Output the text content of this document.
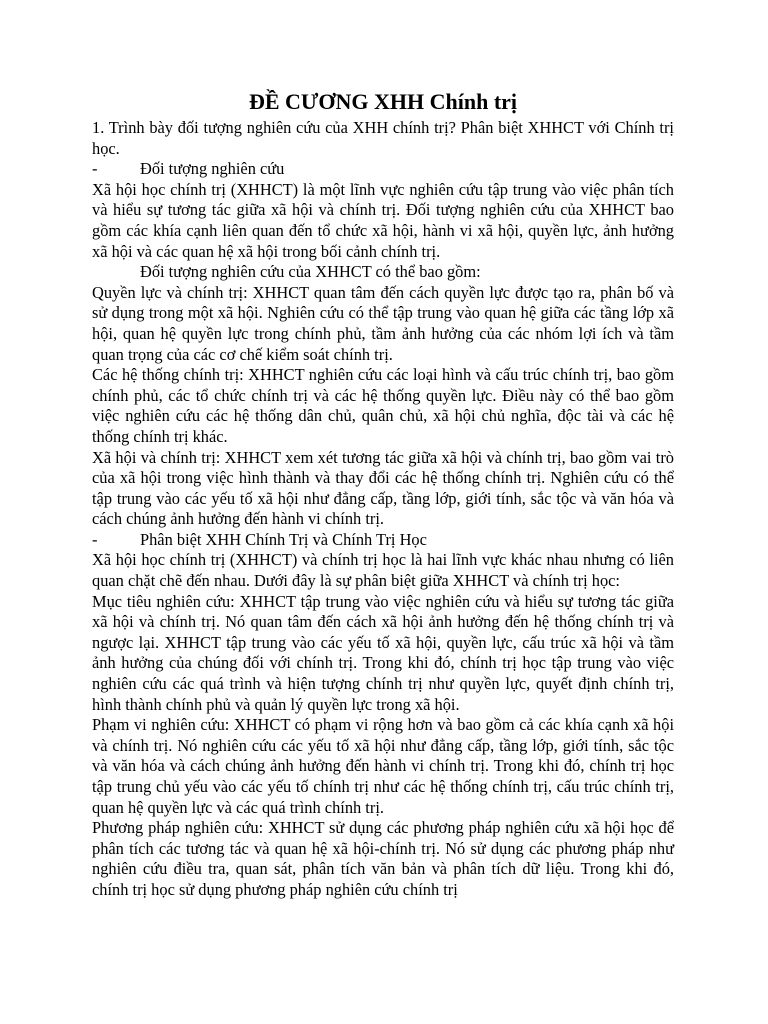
ĐỀ CƯƠNG XHH Chính trị

1. Trình bày đối tượng nghiên cứu của XHH chính trị? Phân biệt XHHCT với Chính trị học.

-	Đối tượng nghiên cứu

Xã hội học chính trị (XHHCT) là một lĩnh vực nghiên cứu tập trung vào việc phân tích và hiểu sự tương tác giữa xã hội và chính trị. Đối tượng nghiên cứu của XHHCT bao gồm các khía cạnh liên quan đến tổ chức xã hội, hành vi xã hội, quyền lực, ảnh hưởng xã hội và các quan hệ xã hội trong bối cảnh chính trị.

Đối tượng nghiên cứu của XHHCT có thể bao gồm:

Quyền lực và chính trị: XHHCT quan tâm đến cách quyền lực được tạo ra, phân bố và sử dụng trong một xã hội. Nghiên cứu có thể tập trung vào quan hệ giữa các tầng lớp xã hội, quan hệ quyền lực trong chính phủ, tầm ảnh hưởng của các nhóm lợi ích và tầm quan trọng của các cơ chế kiểm soát chính trị.

Các hệ thống chính trị: XHHCT nghiên cứu các loại hình và cấu trúc chính trị, bao gồm chính phủ, các tổ chức chính trị và các hệ thống quyền lực. Điều này có thể bao gồm việc nghiên cứu các hệ thống dân chủ, quân chủ, xã hội chủ nghĩa, độc tài và các hệ thống chính trị khác.

Xã hội và chính trị: XHHCT xem xét tương tác giữa xã hội và chính trị, bao gồm vai trò của xã hội trong việc hình thành và thay đổi các hệ thống chính trị. Nghiên cứu có thể tập trung vào các yếu tố xã hội như đẳng cấp, tầng lớp, giới tính, sắc tộc và văn hóa và cách chúng ảnh hưởng đến hành vi chính trị.

-	Phân biệt XHH Chính Trị và Chính Trị Học

Xã hội học chính trị (XHHCT) và chính trị học là hai lĩnh vực khác nhau nhưng có liên quan chặt chẽ đến nhau. Dưới đây là sự phân biệt giữa XHHCT và chính trị học:

Mục tiêu nghiên cứu: XHHCT tập trung vào việc nghiên cứu và hiểu sự tương tác giữa xã hội và chính trị. Nó quan tâm đến cách xã hội ảnh hưởng đến hệ thống chính trị và ngược lại. XHHCT tập trung vào các yếu tố xã hội, quyền lực, cấu trúc xã hội và tầm ảnh hưởng của chúng đối với chính trị. Trong khi đó, chính trị học tập trung vào việc nghiên cứu các quá trình và hiện tượng chính trị như quyền lực, quyết định chính trị, hình thành chính phủ và quản lý quyền lực trong xã hội.

Phạm vi nghiên cứu: XHHCT có phạm vi rộng hơn và bao gồm cả các khía cạnh xã hội và chính trị. Nó nghiên cứu các yếu tố xã hội như đẳng cấp, tầng lớp, giới tính, sắc tộc và văn hóa và cách chúng ảnh hưởng đến hành vi chính trị. Trong khi đó, chính trị học tập trung chủ yếu vào các yếu tố chính trị như các hệ thống chính trị, cấu trúc chính trị, quan hệ quyền lực và các quá trình chính trị.

Phương pháp nghiên cứu: XHHCT sử dụng các phương pháp nghiên cứu xã hội học để phân tích các tương tác và quan hệ xã hội-chính trị. Nó sử dụng các phương pháp như nghiên cứu điều tra, quan sát, phân tích văn bản và phân tích dữ liệu. Trong khi đó, chính trị học sử dụng phương pháp nghiên cứu chính trị
